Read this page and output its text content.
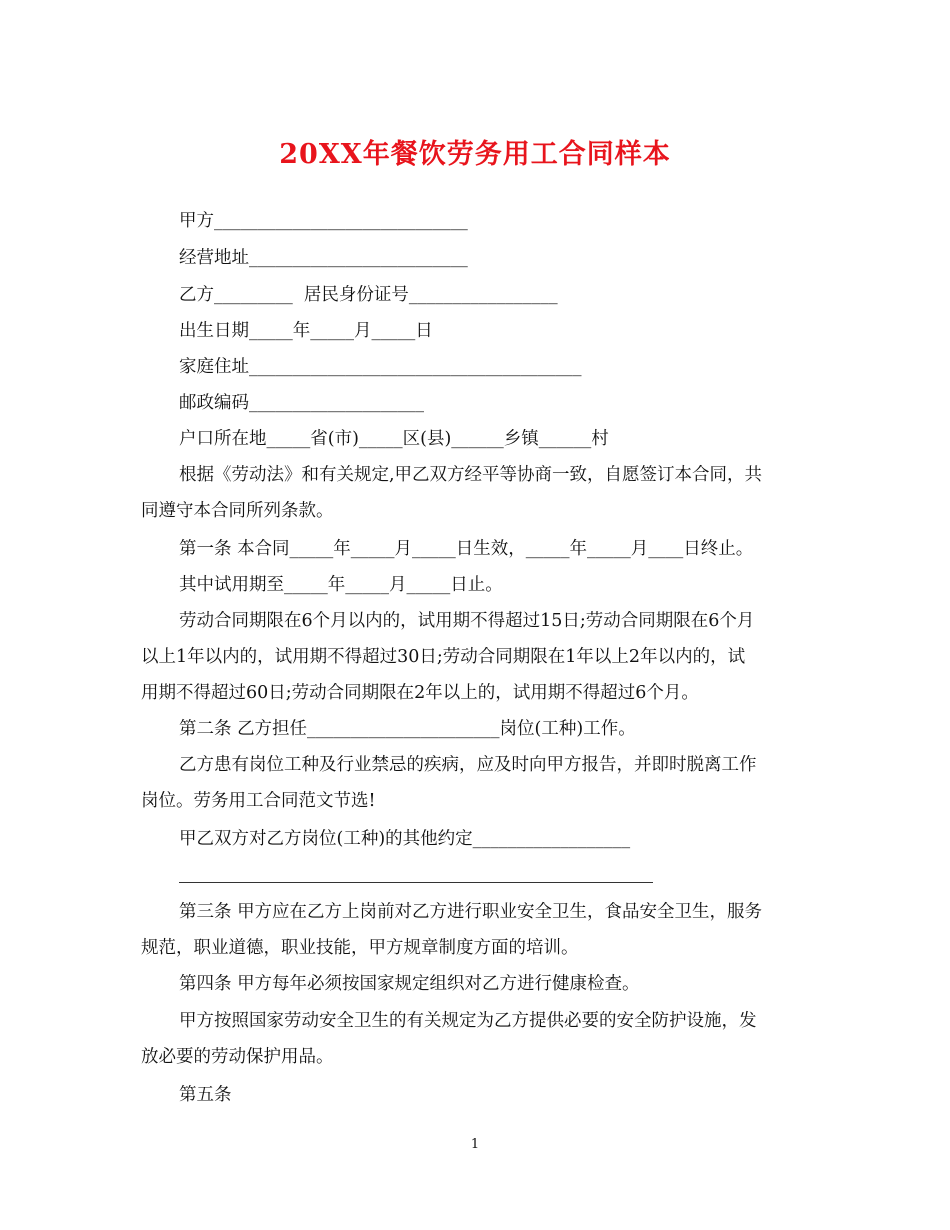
20XX年餐饮劳务用工合同样本
甲方_____________________________
经营地址_________________________
乙方_________  居民身份证号_________________
出生日期_____年_____月_____日
家庭住址______________________________________
邮政编码____________________
户口所在地_____省(市)_____区(县)______乡镇______村
根据《劳动法》和有关规定,甲乙双方经平等协商一致，自愿签订本合同，共
同遵守本合同所列条款。
第一条 本合同_____年_____月_____日生效，_____年_____月____日终止。
其中试用期至_____年_____月_____日止。
劳动合同期限在6个月以内的，试用期不得超过15日;劳动合同期限在6个月
以上1年以内的，试用期不得超过30日;劳动合同期限在1年以上2年以内的，试
用期不得超过60日;劳动合同期限在2年以上的，试用期不得超过6个月。
第二条 乙方担任______________________岗位(工种)工作。
乙方患有岗位工种及行业禁忌的疾病，应及时向甲方报告，并即时脱离工作
岗位。劳务用工合同范文节选!
甲乙双方对乙方岗位(工种)的其他约定__________________
第三条 甲方应在乙方上岗前对乙方进行职业安全卫生，食品安全卫生，服务
规范，职业道德，职业技能，甲方规章制度方面的培训。
第四条 甲方每年必须按国家规定组织对乙方进行健康检查。
甲方按照国家劳动安全卫生的有关规定为乙方提供必要的安全防护设施，发
放必要的劳动保护用品。
第五条
1
